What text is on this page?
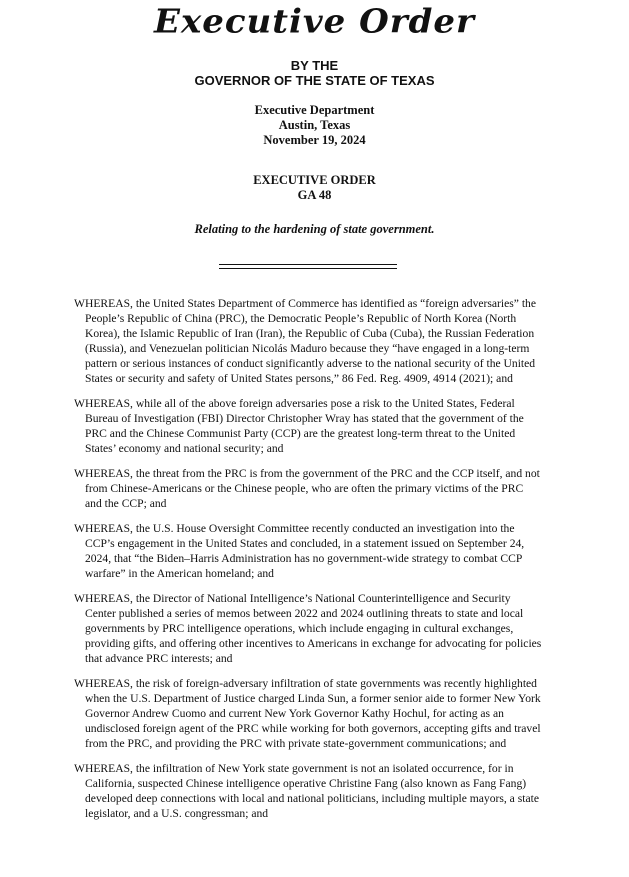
Executive Order
BY THE
GOVERNOR OF THE STATE OF TEXAS
Executive Department
Austin, Texas
November 19, 2024
EXECUTIVE ORDER
GA 48
Relating to the hardening of state government.

WHEREAS, the United States Department of Commerce has identified as “foreign adversaries” the People’s Republic of China (PRC), the Democratic People’s Republic of North Korea (North Korea), the Islamic Republic of Iran (Iran), the Republic of Cuba (Cuba), the Russian Federation (Russia), and Venezuelan politician Nicolás Maduro because they “have engaged in a long-term pattern or serious instances of conduct significantly adverse to the national security of the United States or security and safety of United States persons,” 86 Fed. Reg. 4909, 4914 (2021); and

WHEREAS, while all of the above foreign adversaries pose a risk to the United States, Federal Bureau of Investigation (FBI) Director Christopher Wray has stated that the government of the PRC and the Chinese Communist Party (CCP) are the greatest long-term threat to the United States’ economy and national security; and

WHEREAS, the threat from the PRC is from the government of the PRC and the CCP itself, and not from Chinese-Americans or the Chinese people, who are often the primary victims of the PRC and the CCP; and

WHEREAS, the U.S. House Oversight Committee recently conducted an investigation into the CCP’s engagement in the United States and concluded, in a statement issued on September 24, 2024, that “the Biden–Harris Administration has no government-wide strategy to combat CCP warfare” in the American homeland; and

WHEREAS, the Director of National Intelligence’s National Counterintelligence and Security Center published a series of memos between 2022 and 2024 outlining threats to state and local governments by PRC intelligence operations, which include engaging in cultural exchanges, providing gifts, and offering other incentives to Americans in exchange for advocating for policies that advance PRC interests; and

WHEREAS, the risk of foreign-adversary infiltration of state governments was recently highlighted when the U.S. Department of Justice charged Linda Sun, a former senior aide to former New York Governor Andrew Cuomo and current New York Governor Kathy Hochul, for acting as an undisclosed foreign agent of the PRC while working for both governors, accepting gifts and travel from the PRC, and providing the PRC with private state-government communications; and

WHEREAS, the infiltration of New York state government is not an isolated occurrence, for in California, suspected Chinese intelligence operative Christine Fang (also known as Fang Fang) developed deep connections with local and national politicians, including multiple mayors, a state legislator, and a U.S. congressman; and
